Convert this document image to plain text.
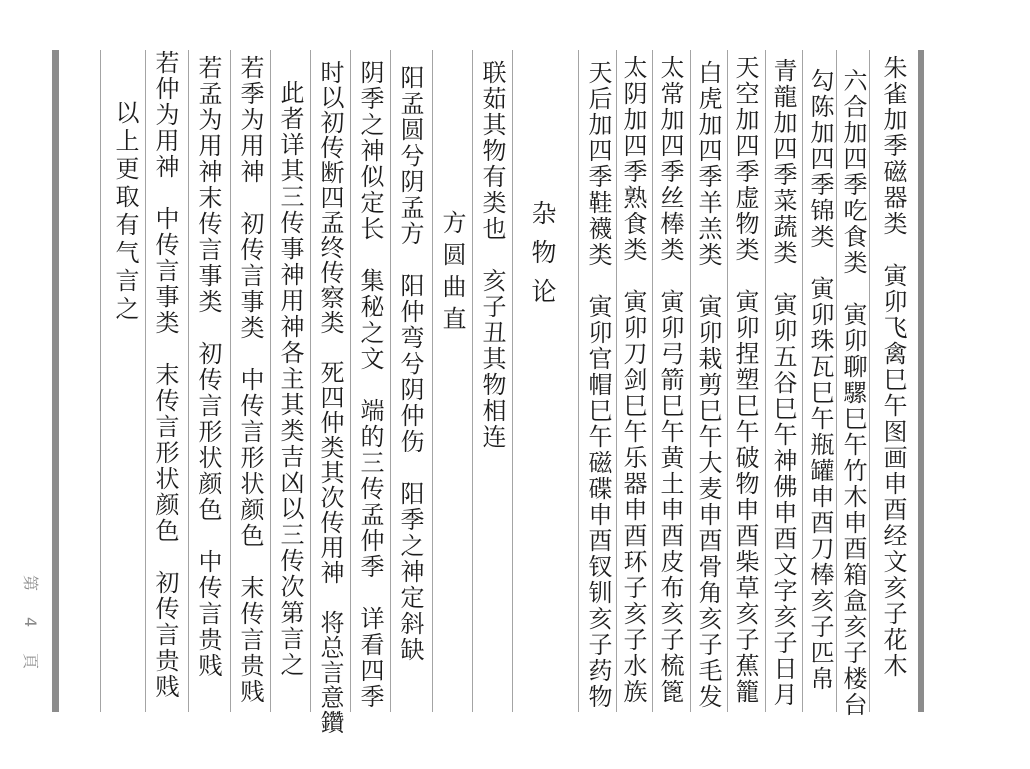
朱雀加季磁器类　寅卯飞禽巳午图画申酉经文亥子花木
六合加四季吃食类　寅卯聊騾巳午竹木申酉箱盒亥子楼台
勾陈加四季锦类　寅卯珠瓦巳午瓶罐申酉刀棒亥子匹帛
青龍加四季菜蔬类　寅卯五谷巳午神佛申酉文字亥子日月
天空加四季虚物类　寅卯捏塑巳午破物申酉柴草亥子蕉籠
白虎加四季羊羔类　寅卯栽剪巳午大麦申酉骨角亥子毛发
太常加四季丝棒类　寅卯弓箭巳午黄土申酉皮布亥子梳篦
太阴加四季熟食类　寅卯刀剑巳午乐器申酉环子亥子水族
天后加四季鞋襪类　寅卯官帽巳午磁碟申酉钗钏亥子药物
杂物论
联茹其物有类也　亥子丑其物相连
方圆曲直
阳孟圆兮阴孟方　阳仲弯兮阴仲伤　阳季之神定斜缺
阴季之神似定长　集秘之文　端的三传孟仲季　详看四季
时以初传断四孟终传察类　死四仲类其次传用神　将总言意鑽
此者详其三传事神用神各主其类吉凶以三传次第言之
若季为用神　初传言事类　中传言形状颜色　末传言贵贱
若孟为用神末传言事类　初传言形状颜色　中传言贵贱
若仲为用神　中传言事类　末传言形状颜色　初传言贵贱
以上更取有气言之
第4頁
